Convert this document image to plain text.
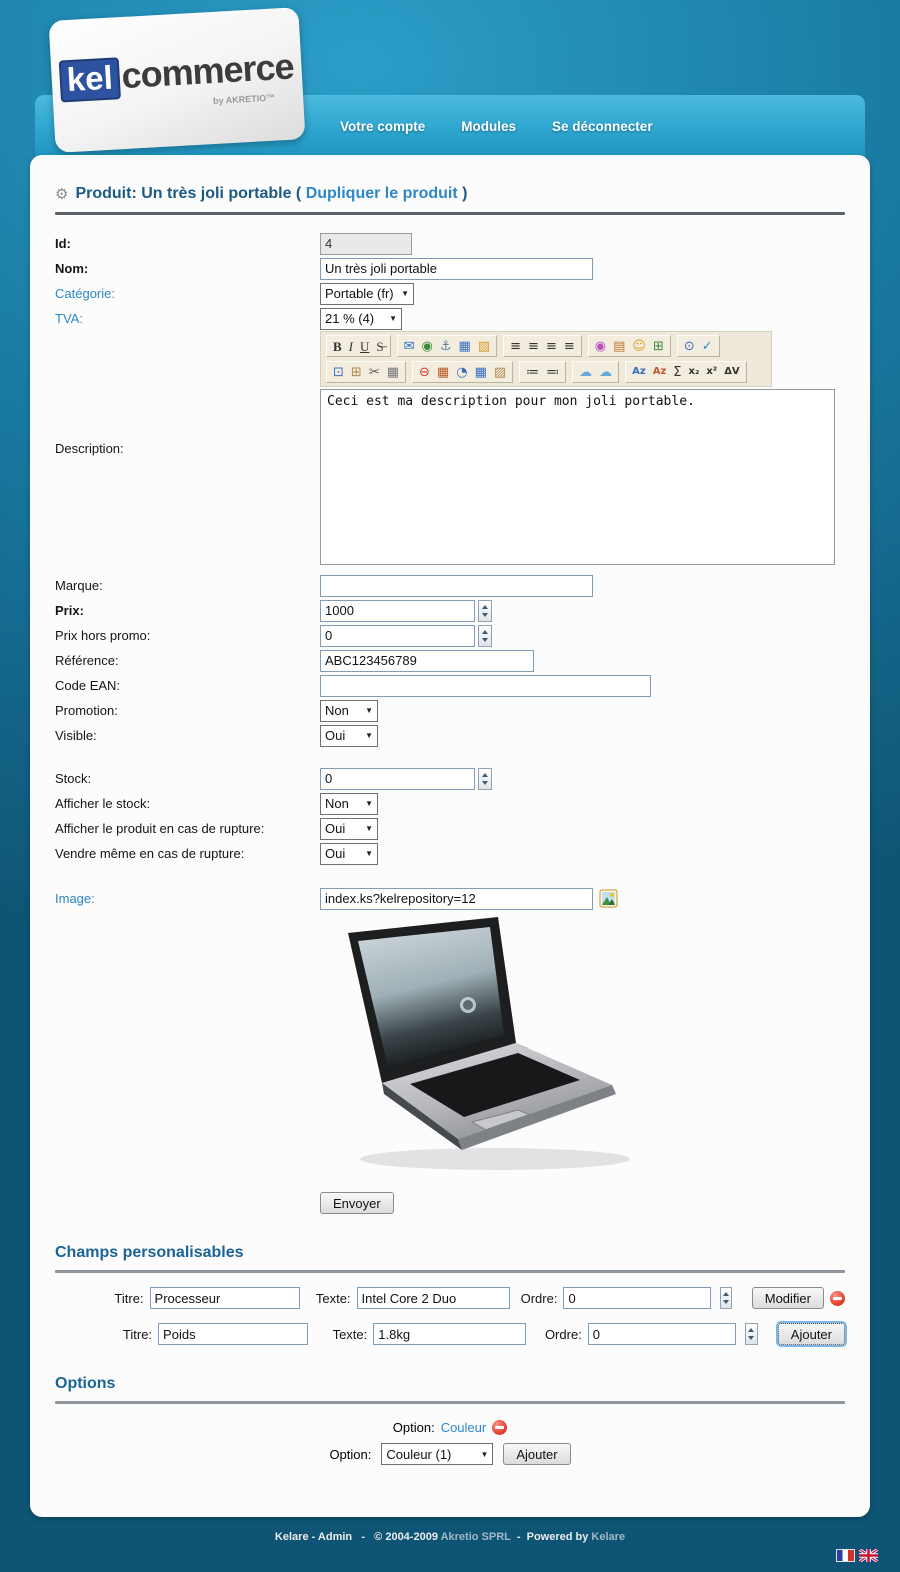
Votre compte	Modules	Se déconnecter
kel commerce
by AKRETIO™
⚙ Produit: Un très joli portable ( Dupliquer le produit )
Id:
4
Nom:
Un très joli portable
Catégorie:	Portable (fr) ▼
TVA:	21 % (4)	▼
Description:
B I U S̶ ✉ ◉ ⚓ ▦ ▧ ≡ ≡ ≡ ≡ ◉ ▤ ☺ ⊞ ⊙ ✓
⊡ ⊞ ✂ ▦ ⊖ ▦ ◔ ▦ ▨ ≔ ≕ ☁ ☁ Az Az Σ x₂ x² ΔV
Ceci est ma description pour mon joli portable.
Marque:
Prix:
1000
Prix hors promo:
0
Référence:
ABC123456789
Code EAN:
Promotion:	Non	▼
Visible:	Oui	▼
Stock:
0
Afficher le stock:	Non	▼
Afficher le produit en cas de rupture:	Oui	▼
Vendre même en cas de rupture:	Oui	▼
Image:
index.ks?kelrepository=12
Envoyer
Champs personalisables
Titre:
Processeur	Texte:
Intel Core 2 Duo	Ordre:
0	Modifier
Titre:
Poids	Texte:
1.8kg	Ordre:
0	Ajouter
Options
Option: Couleur
Option: Couleur (1)	▼	Ajouter
Kelare - Admin - © 2004-2009 Akretio SPRL - Powered by Kelare
